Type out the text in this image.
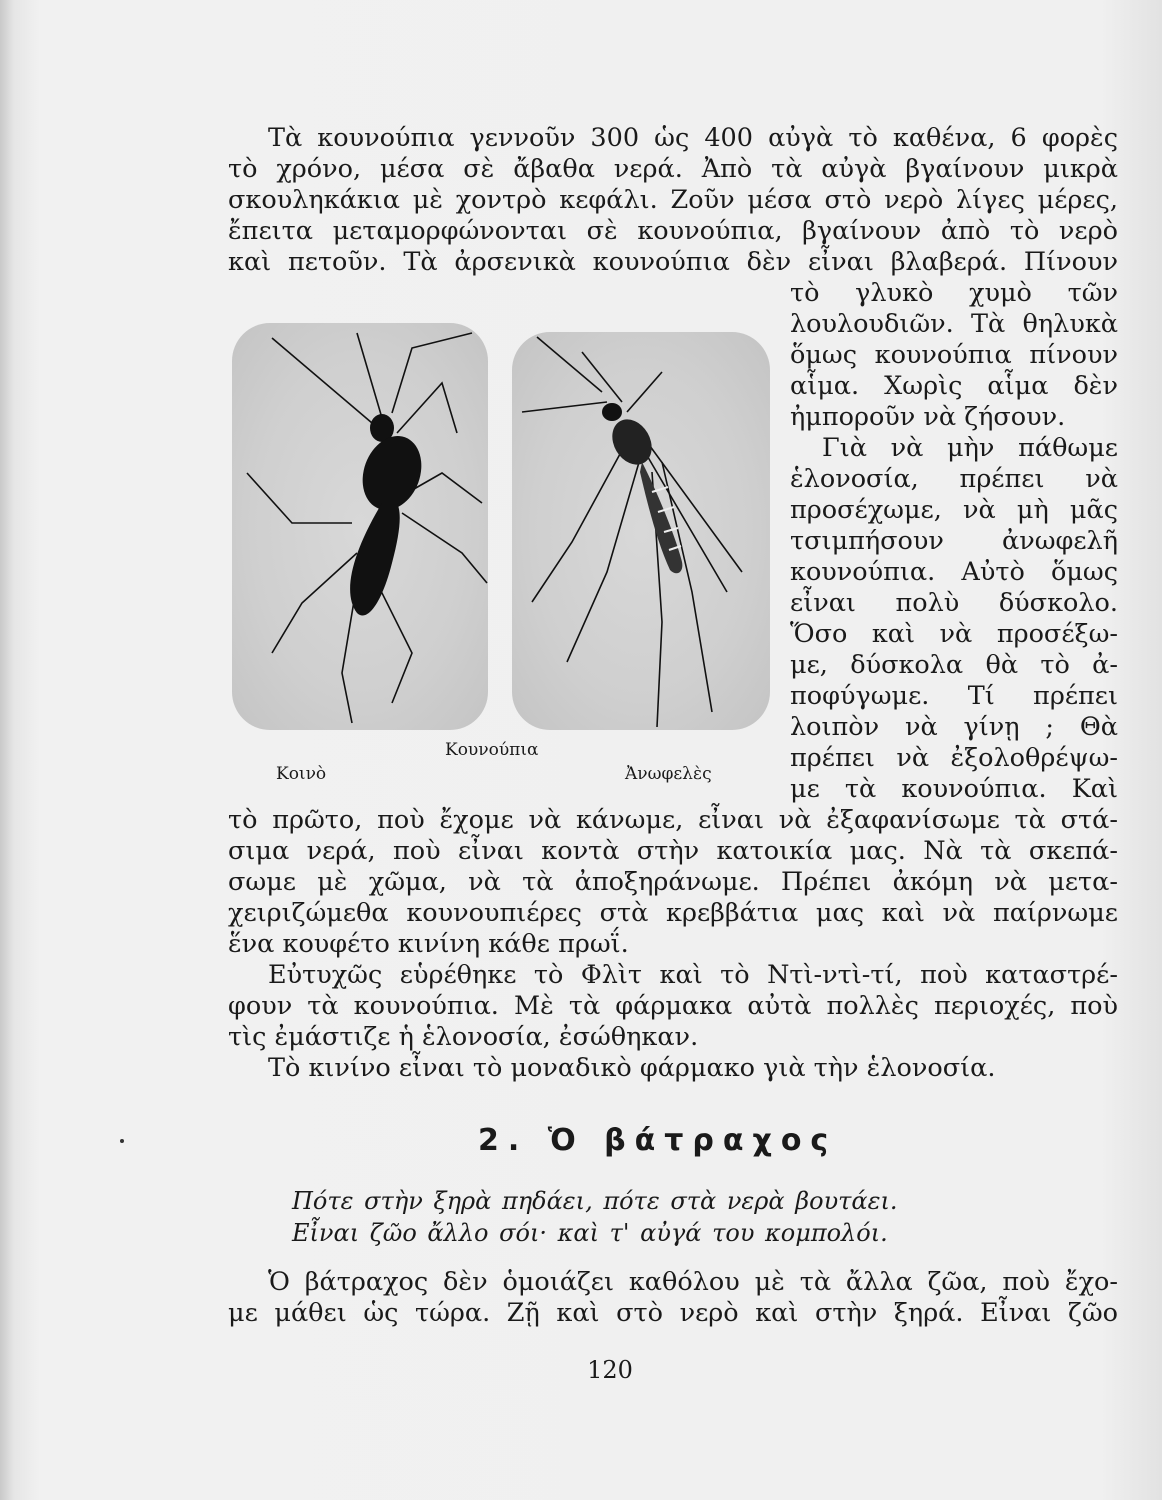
Τὰ κουνούπια γεννοῦν 300 ὡς 400 αὐγὰ τὸ καθένα, 6 φορὲς
τὸ χρόνο, μέσα σὲ ἄβαθα νερά. Ἀπὸ τὰ αὐγὰ βγαίνουν μικρὰ
σκουληκάκια μὲ χοντρὸ κεφάλι. Ζοῦν μέσα στὸ νερὸ λίγες μέρες,
ἔπειτα μεταμορφώνονται σὲ κουνούπια, βγαίνουν ἀπὸ τὸ νερὸ
καὶ πετοῦν. Τὰ ἀρσενικὰ κουνούπια δὲν εἶναι βλαβερά. Πίνουν
τὸ γλυκὸ χυμὸ τῶν
λουλουδιῶν. Τὰ θηλυκὰ
ὅμως κουνούπια πίνουν
αἷμα. Χωρὶς αἷμα δὲν
ἠμποροῦν νὰ ζήσουν.
Γιὰ νὰ μὴν πάθωμε
ἑλονοσία, πρέπει νὰ
προσέχωμε, νὰ μὴ μᾶς
τσιμπήσουν ἀνωφελῆ
κουνούπια. Αὐτὸ ὅμως
εἶναι πολὺ δύσκολο.
Ὅσο καὶ νὰ προσέξω-
με, δύσκολα θὰ τὸ ἀ-
ποφύγωμε. Τί πρέπει
λοιπὸν νὰ γίνῃ ; Θὰ
πρέπει νὰ ἐξολοθρέψω-
με τὰ κουνούπια. Καὶ
τὸ πρῶτο, ποὺ ἔχομε νὰ κάνωμε, εἶναι νὰ ἐξαφανίσωμε τὰ στά-
σιμα νερά, ποὺ εἶναι κοντὰ στὴν κατοικία μας. Νὰ τὰ σκεπά-
σωμε μὲ χῶμα, νὰ τὰ ἀποξηράνωμε. Πρέπει ἀκόμη νὰ μετα-
χειριζώμεθα κουνουπιέρες στὰ κρεββάτια μας καὶ νὰ παίρνωμε
ἕνα κουφέτο κινίνη κάθε πρωΐ.
Εὐτυχῶς εὑρέθηκε τὸ Φλὶτ καὶ τὸ Ντὶ-ντὶ-τί, ποὺ καταστρέ-
φουν τὰ κουνούπια. Μὲ τὰ φάρμακα αὐτὰ πολλὲς περιοχές, ποὺ
τὶς ἐμάστιζε ἡ ἑλονοσία, ἐσώθηκαν.
Τὸ κινίνο εἶναι τὸ μοναδικὸ φάρμακο γιὰ τὴν ἑλονοσία.
Κοινὸ
Κουνούπια
Ἀνωφελὲς
2. Ὁ βάτραχος
Πότε στὴν ξηρὰ πηδάει, πότε στὰ νερὰ βουτάει.
Εἶναι ζῶο ἄλλο σόι· καὶ τ' αὐγά του κομπολόι.
Ὁ βάτραχος δὲν ὁμοιάζει καθόλου μὲ τὰ ἄλλα ζῶα, ποὺ ἔχο-
με μάθει ὡς τώρα. Ζῇ καὶ στὸ νερὸ καὶ στὴν ξηρά. Εἶναι ζῶο
120
